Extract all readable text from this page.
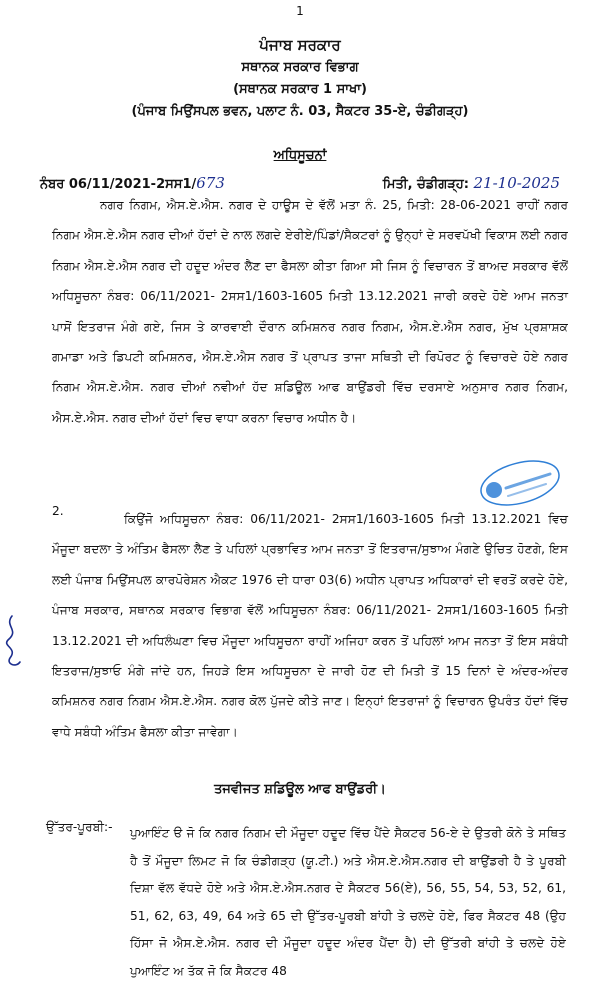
1
ਪੰਜਾਬ ਸਰਕਾਰ
ਸਥਾਨਕ ਸਰਕਾਰ ਵਿਭਾਗ
(ਸਥਾਨਕ ਸਰਕਾਰ 1 ਸਾਖਾ)
(ਪੰਜਾਬ ਮਿਉਂਸਪਲ ਭਵਨ, ਪਲਾਟ ਨੰ. 03, ਸੈਕਟਰ 35-ਏ, ਚੰਡੀਗੜ੍ਹ)
ਅਧਿਸੂਚਨਾਂ
ਨੰਬਰ 06/11/2021-2ਸਸ1/673	ਮਿਤੀ, ਚੰਡੀਗੜ੍ਹ: 21-10-2025
ਨਗਰ ਨਿਗਮ, ਐਸ.ਏ.ਐਸ. ਨਗਰ ਦੇ ਹਾਊਸ ਦੇ ਵੱਲੋਂ ਮਤਾ ਨੰ. 25, ਮਿਤੀ: 28-06-2021 ਰਾਹੀਂ ਨਗਰ ਨਿਗਮ ਐਸ.ਏ.ਐਸ ਨਗਰ ਦੀਆਂ ਹੱਦਾਂ ਦੇ ਨਾਲ ਲਗਦੇ ਏਰੀਏ/ਪਿੰਡਾਂ/ਸੈਕਟਰਾਂ ਨੂੰ ਉਨ੍ਹਾਂ ਦੇ ਸਰਵਪੱਖੀ ਵਿਕਾਸ ਲਈ ਨਗਰ ਨਿਗਮ ਐਸ.ਏ.ਐਸ ਨਗਰ ਦੀ ਹਦੂਦ ਅੰਦਰ ਲੈਣ ਦਾ ਫੈਸਲਾ ਕੀਤਾ ਗਿਆ ਸੀ ਜਿਸ ਨੂੰ ਵਿਚਾਰਨ ਤੋਂ ਬਾਅਦ ਸਰਕਾਰ ਵੱਲੋਂ ਅਧਿਸੂਚਨਾ ਨੰਬਰ: 06/11/2021- 2ਸਸ1/1603-1605 ਮਿਤੀ 13.12.2021 ਜਾਰੀ ਕਰਦੇ ਹੋਏ ਆਮ ਜਨਤਾ ਪਾਸੋਂ ਇਤਰਾਜ ਮੰਗੇ ਗਏ, ਜਿਸ ਤੇ ਕਾਰਵਾਈ ਦੌਰਾਨ ਕਮਿਸ਼ਨਰ ਨਗਰ ਨਿਗਮ, ਐਸ.ਏ.ਐਸ ਨਗਰ, ਮੁੱਖ ਪ੍ਰਸ਼ਾਸ਼ਕ ਗਮਾਡਾ ਅਤੇ ਡਿਪਟੀ ਕਮਿਸ਼ਨਰ, ਐਸ.ਏ.ਐਸ ਨਗਰ ਤੋਂ ਪ੍ਰਾਪਤ ਤਾਜਾ ਸਥਿਤੀ ਦੀ ਰਿਪੋਰਟ ਨੂੰ ਵਿਚਾਰਦੇ ਹੋਏ ਨਗਰ ਨਿਗਮ ਐਸ.ਏ.ਐਸ. ਨਗਰ ਦੀਆਂ ਨਵੀਆਂ ਹੱਦ ਸ਼ਡਿਊਲ ਆਫ ਬਾਉਂਡਰੀ ਵਿੱਚ ਦਰਸਾਏ ਅਨੁਸਾਰ ਨਗਰ ਨਿਗਮ, ਐਸ.ਏ.ਐਸ. ਨਗਰ ਦੀਆਂ ਹੱਦਾਂ ਵਿਚ ਵਾਧਾ ਕਰਨਾ ਵਿਚਾਰ ਅਧੀਨ ਹੈ।
2.
ਕਿਉਂਜੋ ਅਧਿਸੂਚਨਾ ਨੰਬਰ: 06/11/2021- 2ਸਸ1/1603-1605 ਮਿਤੀ 13.12.2021 ਵਿਚ ਮੌਜੂਦਾ ਬਦਲਾ ਤੇ ਅੰਤਿਮ ਫੈਸਲਾ ਲੈਣ ਤੇ ਪਹਿਲਾਂ ਪ੍ਰਭਾਵਿਤ ਆਮ ਜਨਤਾ ਤੋਂ ਇਤਰਾਜ/ਸੁਝਾਅ ਮੰਗਣੇ ਉਚਿਤ ਹੋਣਗੇ, ਇਸ ਲਈ ਪੰਜਾਬ ਮਿਉਂਸਪਲ ਕਾਰਪੋਰੇਸ਼ਨ ਐਕਟ 1976 ਦੀ ਧਾਰਾ 03(6) ਅਧੀਨ ਪ੍ਰਾਪਤ ਅਧਿਕਾਰਾਂ ਦੀ ਵਰਤੋਂ ਕਰਦੇ ਹੋਏ, ਪੰਜਾਬ ਸਰਕਾਰ, ਸਥਾਨਕ ਸਰਕਾਰ ਵਿਭਾਗ ਵੱਲੋਂ ਅਧਿਸੂਚਨਾ ਨੰਬਰ: 06/11/2021- 2ਸਸ1/1603-1605 ਮਿਤੀ 13.12.2021 ਦੀ ਅਧਿਲੰਘਣਾ ਵਿਚ ਮੌਜੂਦਾ ਅਧਿਸੂਚਨਾ ਰਾਹੀਂ ਅਜਿਹਾ ਕਰਨ ਤੋਂ ਪਹਿਲਾਂ ਆਮ ਜਨਤਾ ਤੋਂ ਇਸ ਸਬੰਧੀ ਇਤਰਾਜ/ਸੁਝਾਓ ਮੰਗੇ ਜਾਂਦੇ ਹਨ, ਜਿਹੜੇ ਇਸ ਅਧਿਸੂਚਨਾ ਦੇ ਜਾਰੀ ਹੋਣ ਦੀ ਮਿਤੀ ਤੋਂ 15 ਦਿਨਾਂ ਦੇ ਅੰਦਰ-ਅੰਦਰ ਕਮਿਸ਼ਨਰ ਨਗਰ ਨਿਗਮ ਐਸ.ਏ.ਐਸ. ਨਗਰ ਕੋਲ ਪੁੱਜਦੇ ਕੀਤੇ ਜਾਣ। ਇਨ੍ਹਾਂ ਇਤਰਾਜਾਂ ਨੂੰ ਵਿਚਾਰਨ ਉਪਰੰਤ ਹੱਦਾਂ ਵਿੱਚ ਵਾਧੇ ਸਬੰਧੀ ਅੰਤਿਮ ਫੈਸਲਾ ਕੀਤਾ ਜਾਵੇਗਾ।
ਤਜਵੀਜਤ ਸ਼ਡਿਊਲ ਆਫ ਬਾਉਂਡਰੀ।
ਉੱਤਰ-ਪੂਰਬੀ:- ਪੁਆਇੰਟ ੳ ਜੋ ਕਿ ਨਗਰ ਨਿਗਮ ਦੀ ਮੌਜੂਦਾ ਹਦੂਦ ਵਿੱਚ ਪੈਂਦੇ ਸੈਕਟਰ 56-ਏ ਦੇ ਉਤਰੀ ਕੋਨੇ ਤੇ ਸਥਿਤ ਹੈ ਤੋਂ ਮੌਜੂਦਾ ਲਿਮਟ ਜੋ ਕਿ ਚੰਡੀਗੜ੍ਹ (ਯੂ.ਟੀ.) ਅਤੇ ਐਸ.ਏ.ਐਸ.ਨਗਰ ਦੀ ਬਾਉਂਡਰੀ ਹੈ ਤੇ ਪੂਰਬੀ ਦਿਸ਼ਾ ਵੱਲ ਵੱਧਦੇ ਹੋਏ ਅਤੇ ਐਸ.ਏ.ਐਸ.ਨਗਰ ਦੇ ਸੈਕਟਰ 56(ਏ), 56, 55, 54, 53, 52, 61, 51, 62, 63, 49, 64 ਅਤੇ 65 ਦੀ ਉੱਤਰ-ਪੂਰਬੀ ਬਾਂਹੀ ਤੇ ਚਲਦੇ ਹੋਏ, ਫਿਰ ਸੈਕਟਰ 48 (ਉਹ ਹਿੱਸਾ ਜੋ ਐਸ.ਏ.ਐਸ. ਨਗਰ ਦੀ ਮੌਜੂਦਾ ਹਦੂਦ ਅੰਦਰ ਪੈਂਦਾ ਹੈ) ਦੀ ਉੱਤਰੀ ਬਾਂਹੀ ਤੇ ਚਲਦੇ ਹੋਏ ਪੁਆਇੰਟ ਅ ਤੱਕ ਜੋ ਕਿ ਸੈਕਟਰ 48
